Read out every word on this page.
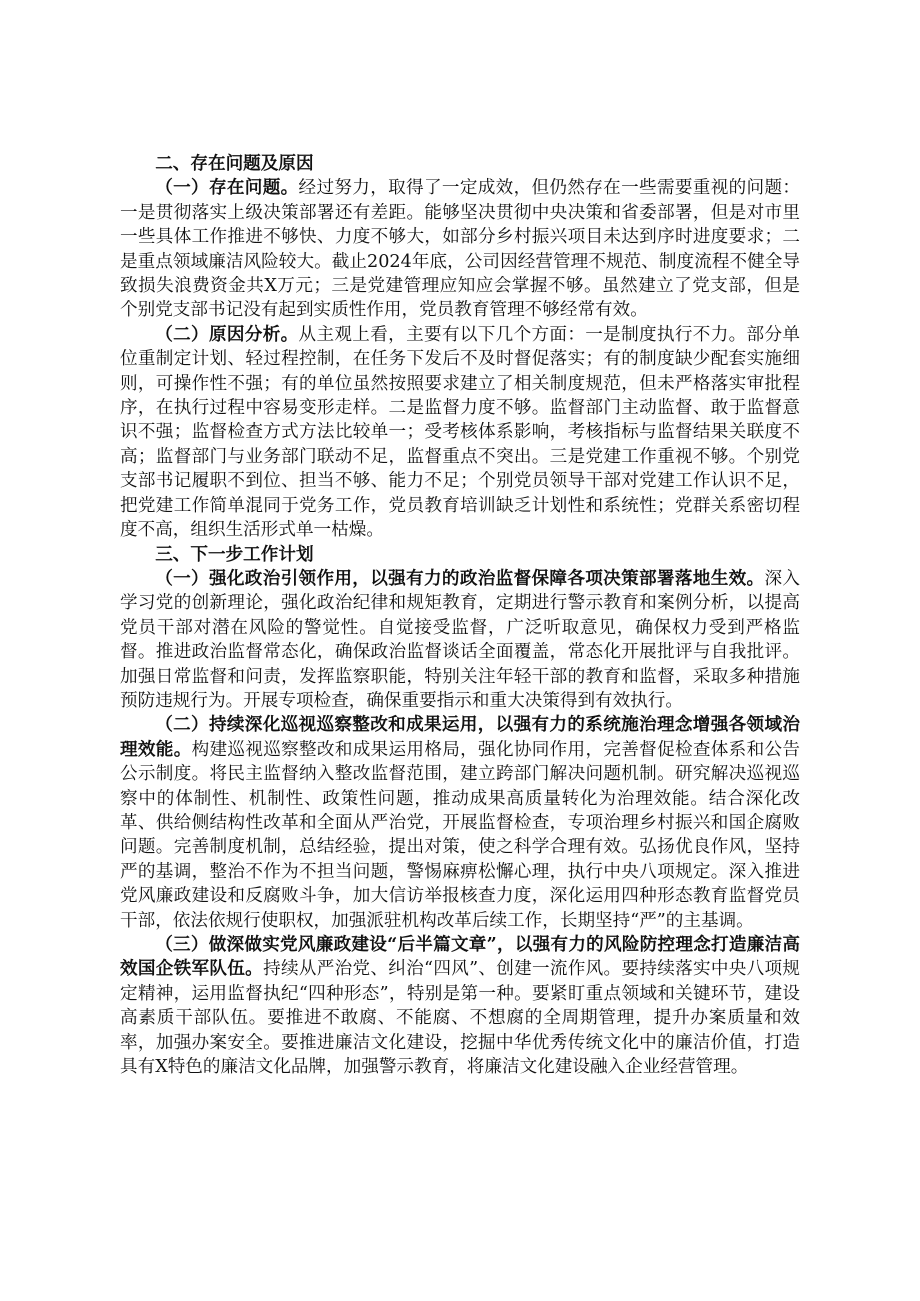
二、存在问题及原因

（一）存在问题。经过努力，取得了一定成效，但仍然存在一些需要重视的问题：一是贯彻落实上级决策部署还有差距。能够坚决贯彻中央决策和省委部署，但是对市里一些具体工作推进不够快、力度不够大，如部分乡村振兴项目未达到序时进度要求；二是重点领域廉洁风险较大。截止2024年底，公司因经营管理不规范、制度流程不健全导致损失浪费资金共X万元；三是党建管理应知应会掌握不够。虽然建立了党支部，但是个别党支部书记没有起到实质性作用，党员教育管理不够经常有效。

（二）原因分析。从主观上看，主要有以下几个方面：一是制度执行不力。部分单位重制定计划、轻过程控制，在任务下发后不及时督促落实；有的制度缺少配套实施细则，可操作性不强；有的单位虽然按照要求建立了相关制度规范，但未严格落实审批程序，在执行过程中容易变形走样。二是监督力度不够。监督部门主动监督、敢于监督意识不强；监督检查方式方法比较单一；受考核体系影响，考核指标与监督结果关联度不高；监督部门与业务部门联动不足，监督重点不突出。三是党建工作重视不够。个别党支部书记履职不到位、担当不够、能力不足；个别党员领导干部对党建工作认识不足，把党建工作简单混同于党务工作，党员教育培训缺乏计划性和系统性；党群关系密切程度不高，组织生活形式单一枯燥。

三、下一步工作计划

（一）强化政治引领作用，以强有力的政治监督保障各项决策部署落地生效。深入学习党的创新理论，强化政治纪律和规矩教育，定期进行警示教育和案例分析，以提高党员干部对潜在风险的警觉性。自觉接受监督，广泛听取意见，确保权力受到严格监督。推进政治监督常态化，确保政治监督谈话全面覆盖，常态化开展批评与自我批评。加强日常监督和问责，发挥监察职能，特别关注年轻干部的教育和监督，采取多种措施预防违规行为。开展专项检查，确保重要指示和重大决策得到有效执行。

（二）持续深化巡视巡察整改和成果运用，以强有力的系统施治理念增强各领域治理效能。构建巡视巡察整改和成果运用格局，强化协同作用，完善督促检查体系和公告公示制度。将民主监督纳入整改监督范围，建立跨部门解决问题机制。研究解决巡视巡察中的体制性、机制性、政策性问题，推动成果高质量转化为治理效能。结合深化改革、供给侧结构性改革和全面从严治党，开展监督检查，专项治理乡村振兴和国企腐败问题。完善制度机制，总结经验，提出对策，使之科学合理有效。弘扬优良作风，坚持严的基调，整治不作为不担当问题，警惕麻痹松懈心理，执行中央八项规定。深入推进党风廉政建设和反腐败斗争，加大信访举报核查力度，深化运用四种形态教育监督党员干部，依法依规行使职权，加强派驻机构改革后续工作，长期坚持“严”的主基调。

（三）做深做实党风廉政建设“后半篇文章”，以强有力的风险防控理念打造廉洁高效国企铁军队伍。持续从严治党、纠治“四风”、创建一流作风。要持续落实中央八项规定精神，运用监督执纪“四种形态”，特别是第一种。要紧盯重点领域和关键环节，建设高素质干部队伍。要推进不敢腐、不能腐、不想腐的全周期管理，提升办案质量和效率，加强办案安全。要推进廉洁文化建设，挖掘中华优秀传统文化中的廉洁价值，打造具有X特色的廉洁文化品牌，加强警示教育，将廉洁文化建设融入企业经营管理。
